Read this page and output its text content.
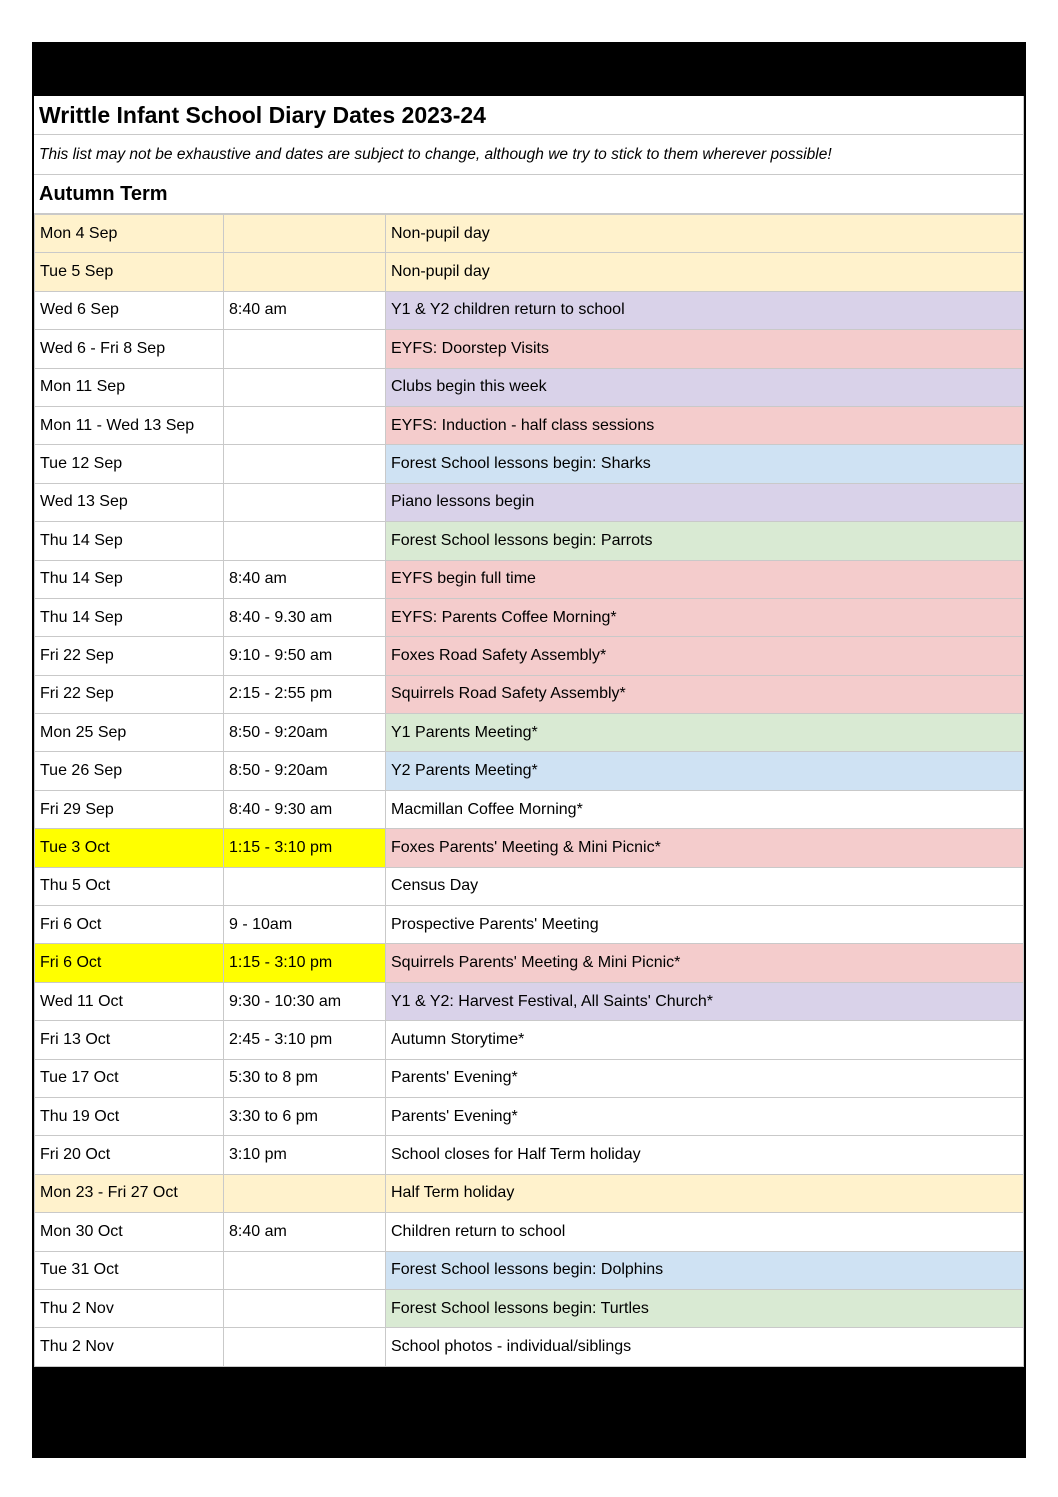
Writtle Infant School Diary Dates 2023-24
This list may not be exhaustive and dates are subject to change, although we try to stick to them wherever possible!
Autumn Term
Mon 4 Sep		Non-pupil day
Tue 5 Sep		Non-pupil day
Wed 6 Sep	8:40 am	Y1 & Y2 children return to school
Wed 6 - Fri 8 Sep		EYFS: Doorstep Visits
Mon 11 Sep		Clubs begin this week
Mon 11 - Wed 13 Sep		EYFS: Induction - half class sessions
Tue 12 Sep		Forest School lessons begin: Sharks
Wed 13 Sep		Piano lessons begin
Thu 14 Sep		Forest School lessons begin: Parrots
Thu 14 Sep	8:40 am	EYFS begin full time
Thu 14 Sep	8:40 - 9.30 am	EYFS: Parents Coffee Morning*
Fri 22 Sep	9:10 - 9:50 am	Foxes Road Safety Assembly*
Fri 22 Sep	2:15 - 2:55 pm	Squirrels Road Safety Assembly*
Mon 25 Sep	8:50 - 9:20am	Y1 Parents Meeting*
Tue 26 Sep	8:50 - 9:20am	Y2 Parents Meeting*
Fri 29 Sep	8:40 - 9:30 am	Macmillan Coffee Morning*
Tue 3 Oct	1:15 - 3:10 pm	Foxes Parents' Meeting & Mini Picnic*
Thu 5 Oct		Census Day
Fri 6 Oct	9 - 10am	Prospective Parents' Meeting
Fri 6 Oct	1:15 - 3:10 pm	Squirrels Parents' Meeting & Mini Picnic*
Wed 11 Oct	9:30 - 10:30 am	Y1 & Y2: Harvest Festival, All Saints' Church*
Fri 13 Oct	2:45 - 3:10 pm	Autumn Storytime*
Tue 17 Oct	5:30 to 8 pm	Parents' Evening*
Thu 19 Oct	3:30 to 6 pm	Parents' Evening*
Fri 20 Oct	3:10 pm	School closes for Half Term holiday
Mon 23 - Fri 27 Oct		Half Term holiday
Mon 30 Oct	8:40 am	Children return to school
Tue 31 Oct		Forest School lessons begin: Dolphins
Thu 2 Nov		Forest School lessons begin: Turtles
Thu 2 Nov		School photos - individual/siblings
